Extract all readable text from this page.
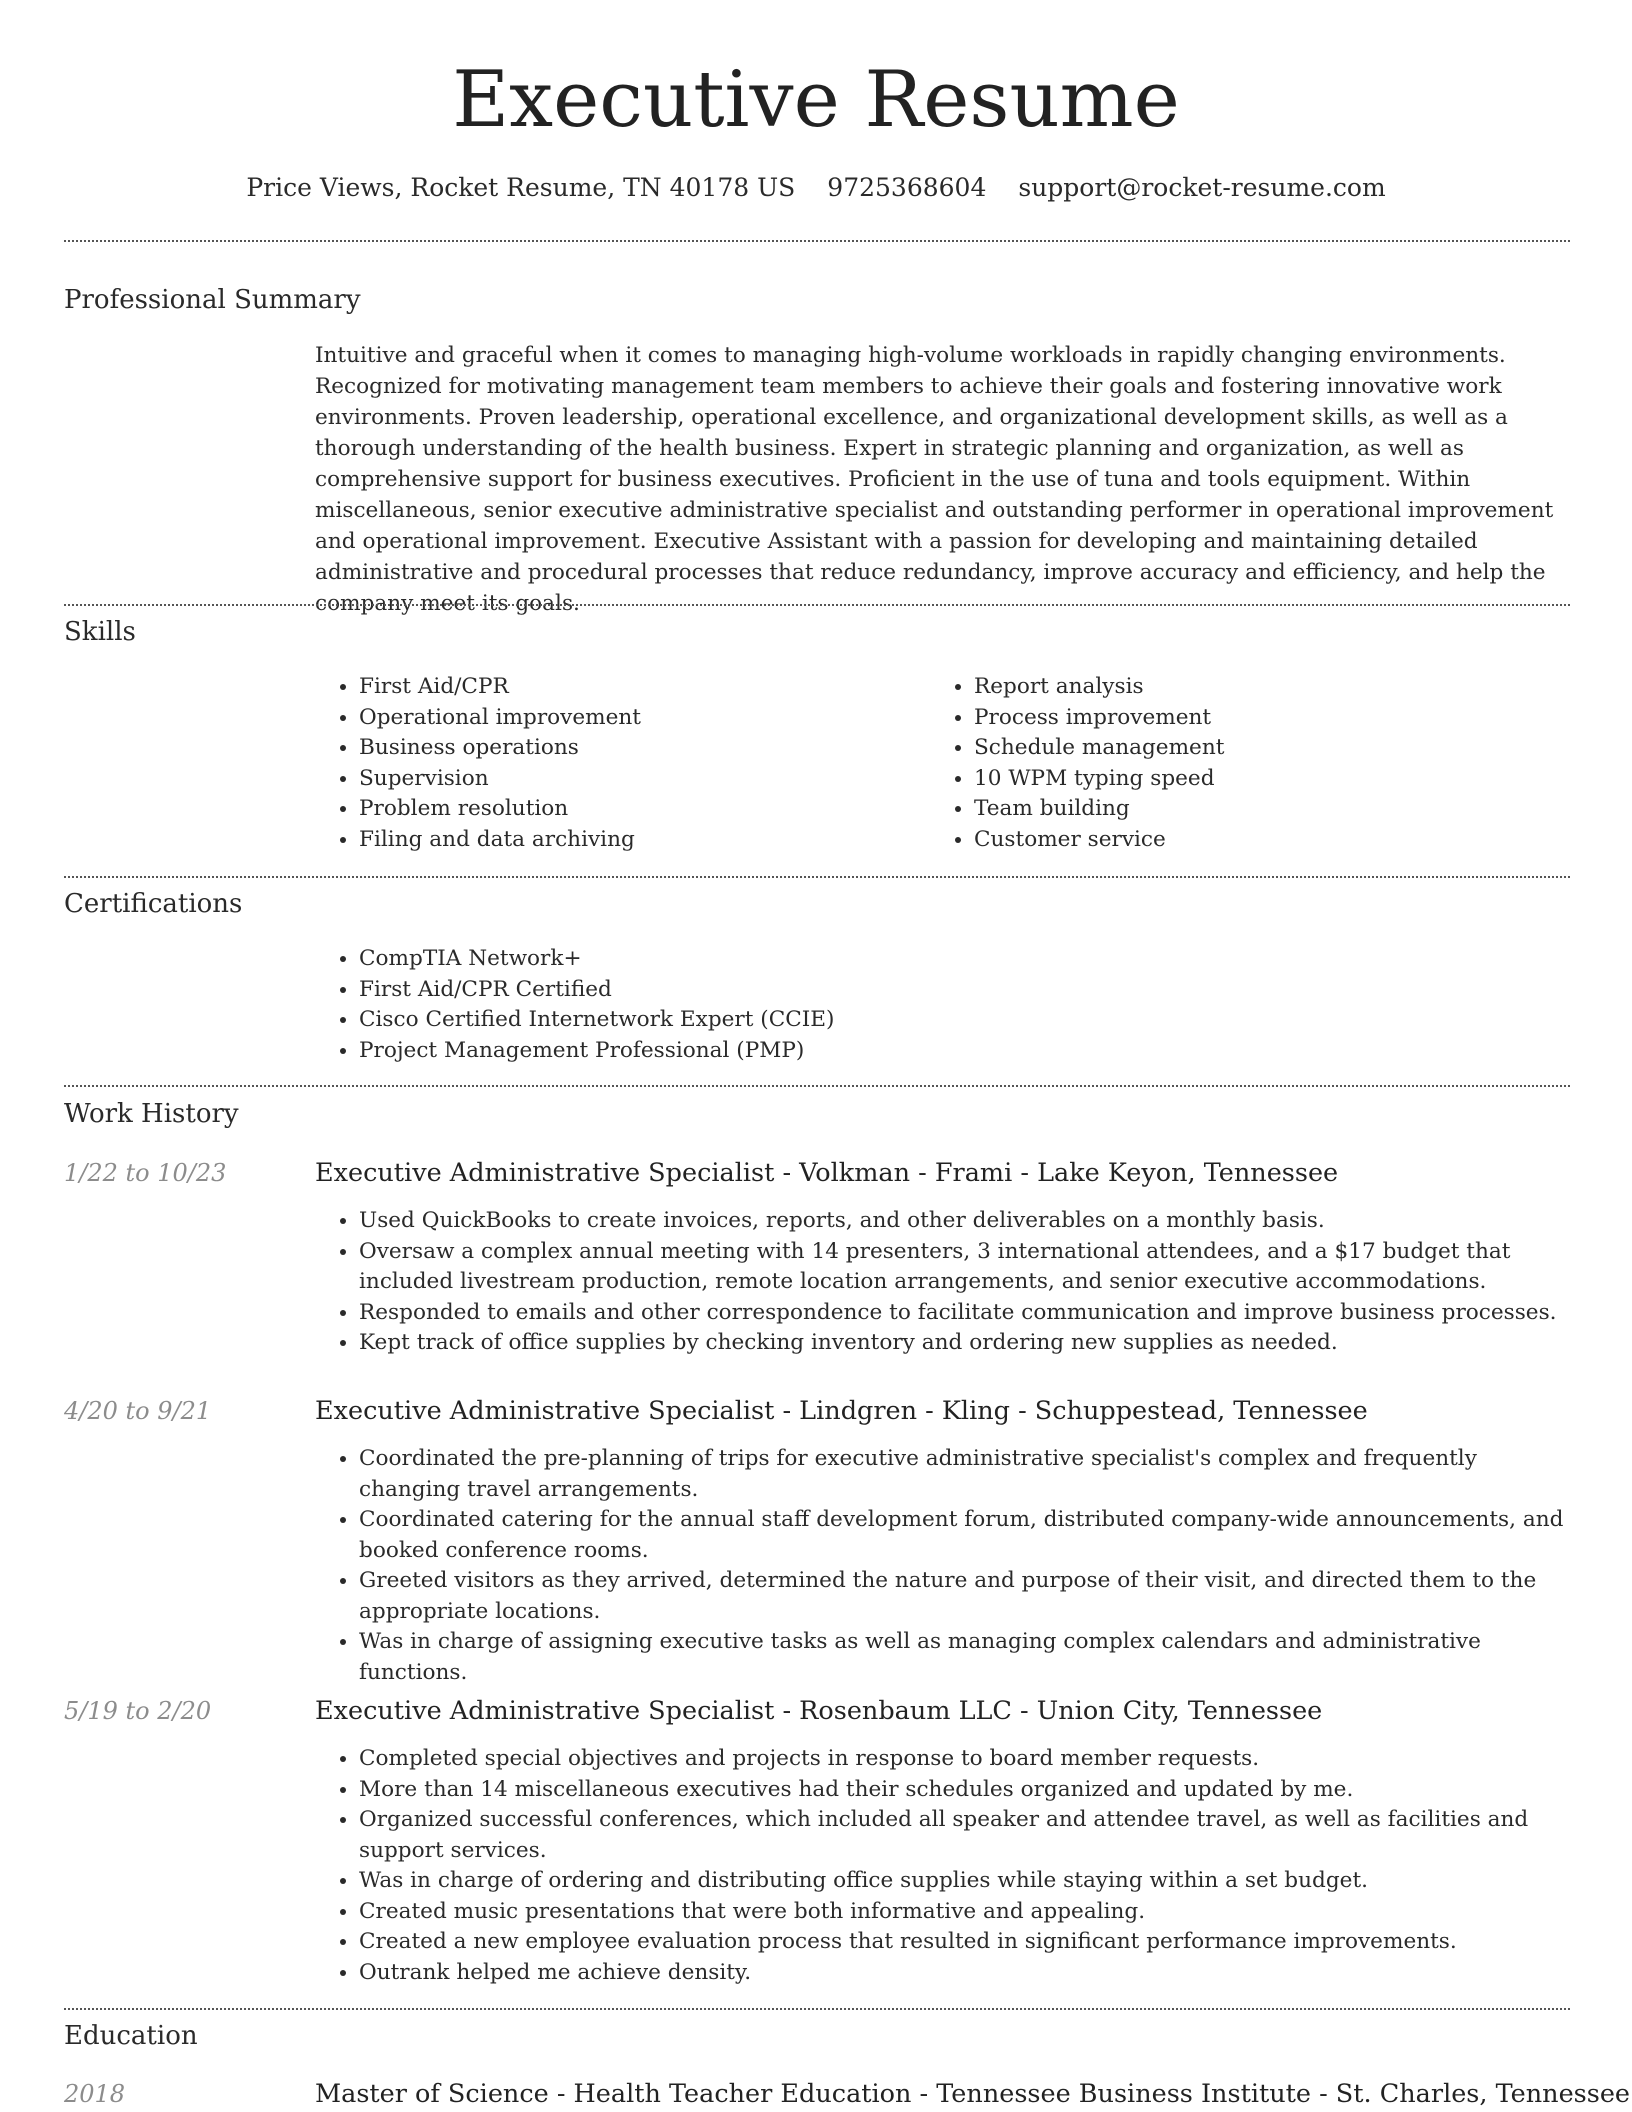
Executive Resume
Price Views, Rocket Resume, TN 40178 US 9725368604 support@rocket-resume.com
Professional Summary

Intuitive and graceful when it comes to managing high-volume workloads in rapidly changing environments. Recognized for motivating management team members to achieve their goals and fostering innovative work environments. Proven leadership, operational excellence, and organizational development skills, as well as a thorough understanding of the health business. Expert in strategic planning and organization, as well as comprehensive support for business executives. Proficient in the use of tuna and tools equipment. Within miscellaneous, senior executive administrative specialist and outstanding performer in operational improvement and operational improvement. Executive Assistant with a passion for developing and maintaining detailed administrative and procedural processes that reduce redundancy, improve accuracy and efficiency, and help the company meet its goals.

Skills
• First Aid/CPR
• Operational improvement
• Business operations
• Supervision
• Problem resolution
• Filing and data archiving
• Report analysis
• Process improvement
• Schedule management
• 10 WPM typing speed
• Team building
• Customer service
Certifications
• CompTIA Network+
• First Aid/CPR Certified
• Cisco Certified Internetwork Expert (CCIE)
• Project Management Professional (PMP)
Work History
1/22 to 10/23	Executive Administrative Specialist - Volkman - Frami - Lake Keyon, Tennessee
• Used QuickBooks to create invoices, reports, and other deliverables on a monthly basis.
• Oversaw a complex annual meeting with 14 presenters, 3 international attendees, and a $17 budget that included livestream production, remote location arrangements, and senior executive accommodations.
• Responded to emails and other correspondence to facilitate communication and improve business processes.
• Kept track of office supplies by checking inventory and ordering new supplies as needed.
4/20 to 9/21	Executive Administrative Specialist - Lindgren - Kling - Schuppestead, Tennessee
• Coordinated the pre-planning of trips for executive administrative specialist's complex and frequently changing travel arrangements.
• Coordinated catering for the annual staff development forum, distributed company-wide announcements, and booked conference rooms.
• Greeted visitors as they arrived, determined the nature and purpose of their visit, and directed them to the appropriate locations.
• Was in charge of assigning executive tasks as well as managing complex calendars and administrative functions.
5/19 to 2/20	Executive Administrative Specialist - Rosenbaum LLC - Union City, Tennessee
• Completed special objectives and projects in response to board member requests.
• More than 14 miscellaneous executives had their schedules organized and updated by me.
• Organized successful conferences, which included all speaker and attendee travel, as well as facilities and support services.
• Was in charge of ordering and distributing office supplies while staying within a set budget.
• Created music presentations that were both informative and appealing.
• Created a new employee evaluation process that resulted in significant performance improvements.
• Outrank helped me achieve density.
Education
2018	Master of Science - Health Teacher Education - Tennessee Business Institute - St. Charles, Tennessee
